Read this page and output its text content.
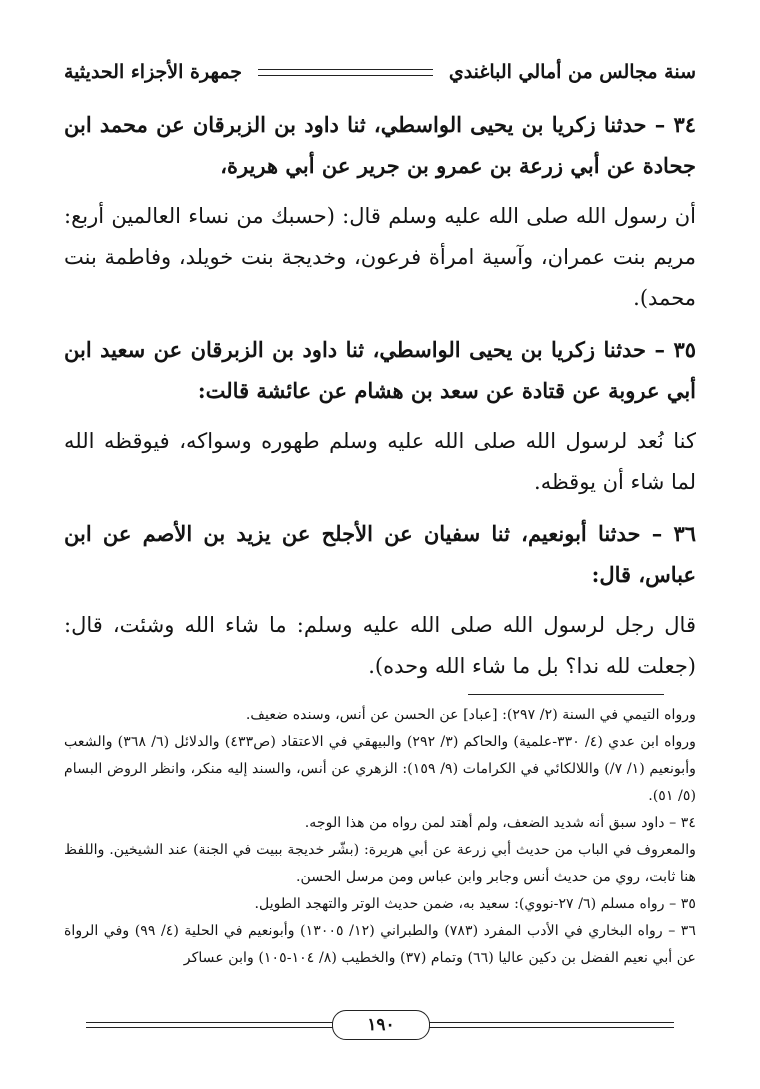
سنة مجالس من أمالي الباغندي
جمهرة الأجزاء الحديثية

٣٤ – حدثنا زكريا بن يحيى الواسطي، ثنا داود بن الزبرقان عن محمد ابن جحادة عن أبي زرعة بن عمرو بن جرير عن أبي هريرة،

أن رسول الله صلى الله عليه وسلم قال: (حسبك من نساء العالمين أربع: مريم بنت عمران، وآسية امرأة فرعون، وخديجة بنت خويلد، وفاطمة بنت محمد).

٣٥ – حدثنا زكريا بن يحيى الواسطي، ثنا داود بن الزبرقان عن سعيد ابن أبي عروبة عن قتادة عن سعد بن هشام عن عائشة قالت:

كنا نُعد لرسول الله صلى الله عليه وسلم طهوره وسواكه، فيوقظه الله لما شاء أن يوقظه.

٣٦ – حدثنا أبونعيم، ثنا سفيان عن الأجلح عن يزيد بن الأصم عن ابن عباس، قال:

قال رجل لرسول الله صلى الله عليه وسلم: ما شاء الله وشئت، قال: (جعلت لله ندا؟ بل ما شاء الله وحده).

ورواه التيمي في السنة (٢/ ٢٩٧): [عباد] عن الحسن عن أنس، وسنده ضعيف.

ورواه ابن عدي (٤/ ٣٣٠-علمية) والحاكم (٣/ ٢٩٢) والبيهقي في الاعتقاد (ص٤٣٣) والدلائل (٦/ ٣٦٨) والشعب وأبونعيم (١/ ٧/) واللالكائي في الكرامات (٩/ ١٥٩): الزهري عن أنس، والسند إليه منكر، وانظر الروض البسام (٥/ ٥١).

٣٤ – داود سبق أنه شديد الضعف، ولم أهتد لمن رواه من هذا الوجه.

والمعروف في الباب من حديث أبي زرعة عن أبي هريرة: (بشّر خديجة ببيت في الجنة) عند الشيخين. واللفظ هنا ثابت، روي من حديث أنس وجابر وابن عباس ومن مرسل الحسن.

٣٥ – رواه مسلم (٦/ ٢٧-نووي): سعيد به، ضمن حديث الوتر والتهجد الطويل.

٣٦ – رواه البخاري في الأدب المفرد (٧٨٣) والطبراني (١٢/ ١٣٠٠٥) وأبونعيم في الحلية (٤/ ٩٩) وفي الرواة عن أبي نعيم الفضل بن دكين عاليا (٦٦) وتمام (٣٧) والخطيب (٨/ ١٠٤-١٠٥) وابن عساكر

١٩٠
